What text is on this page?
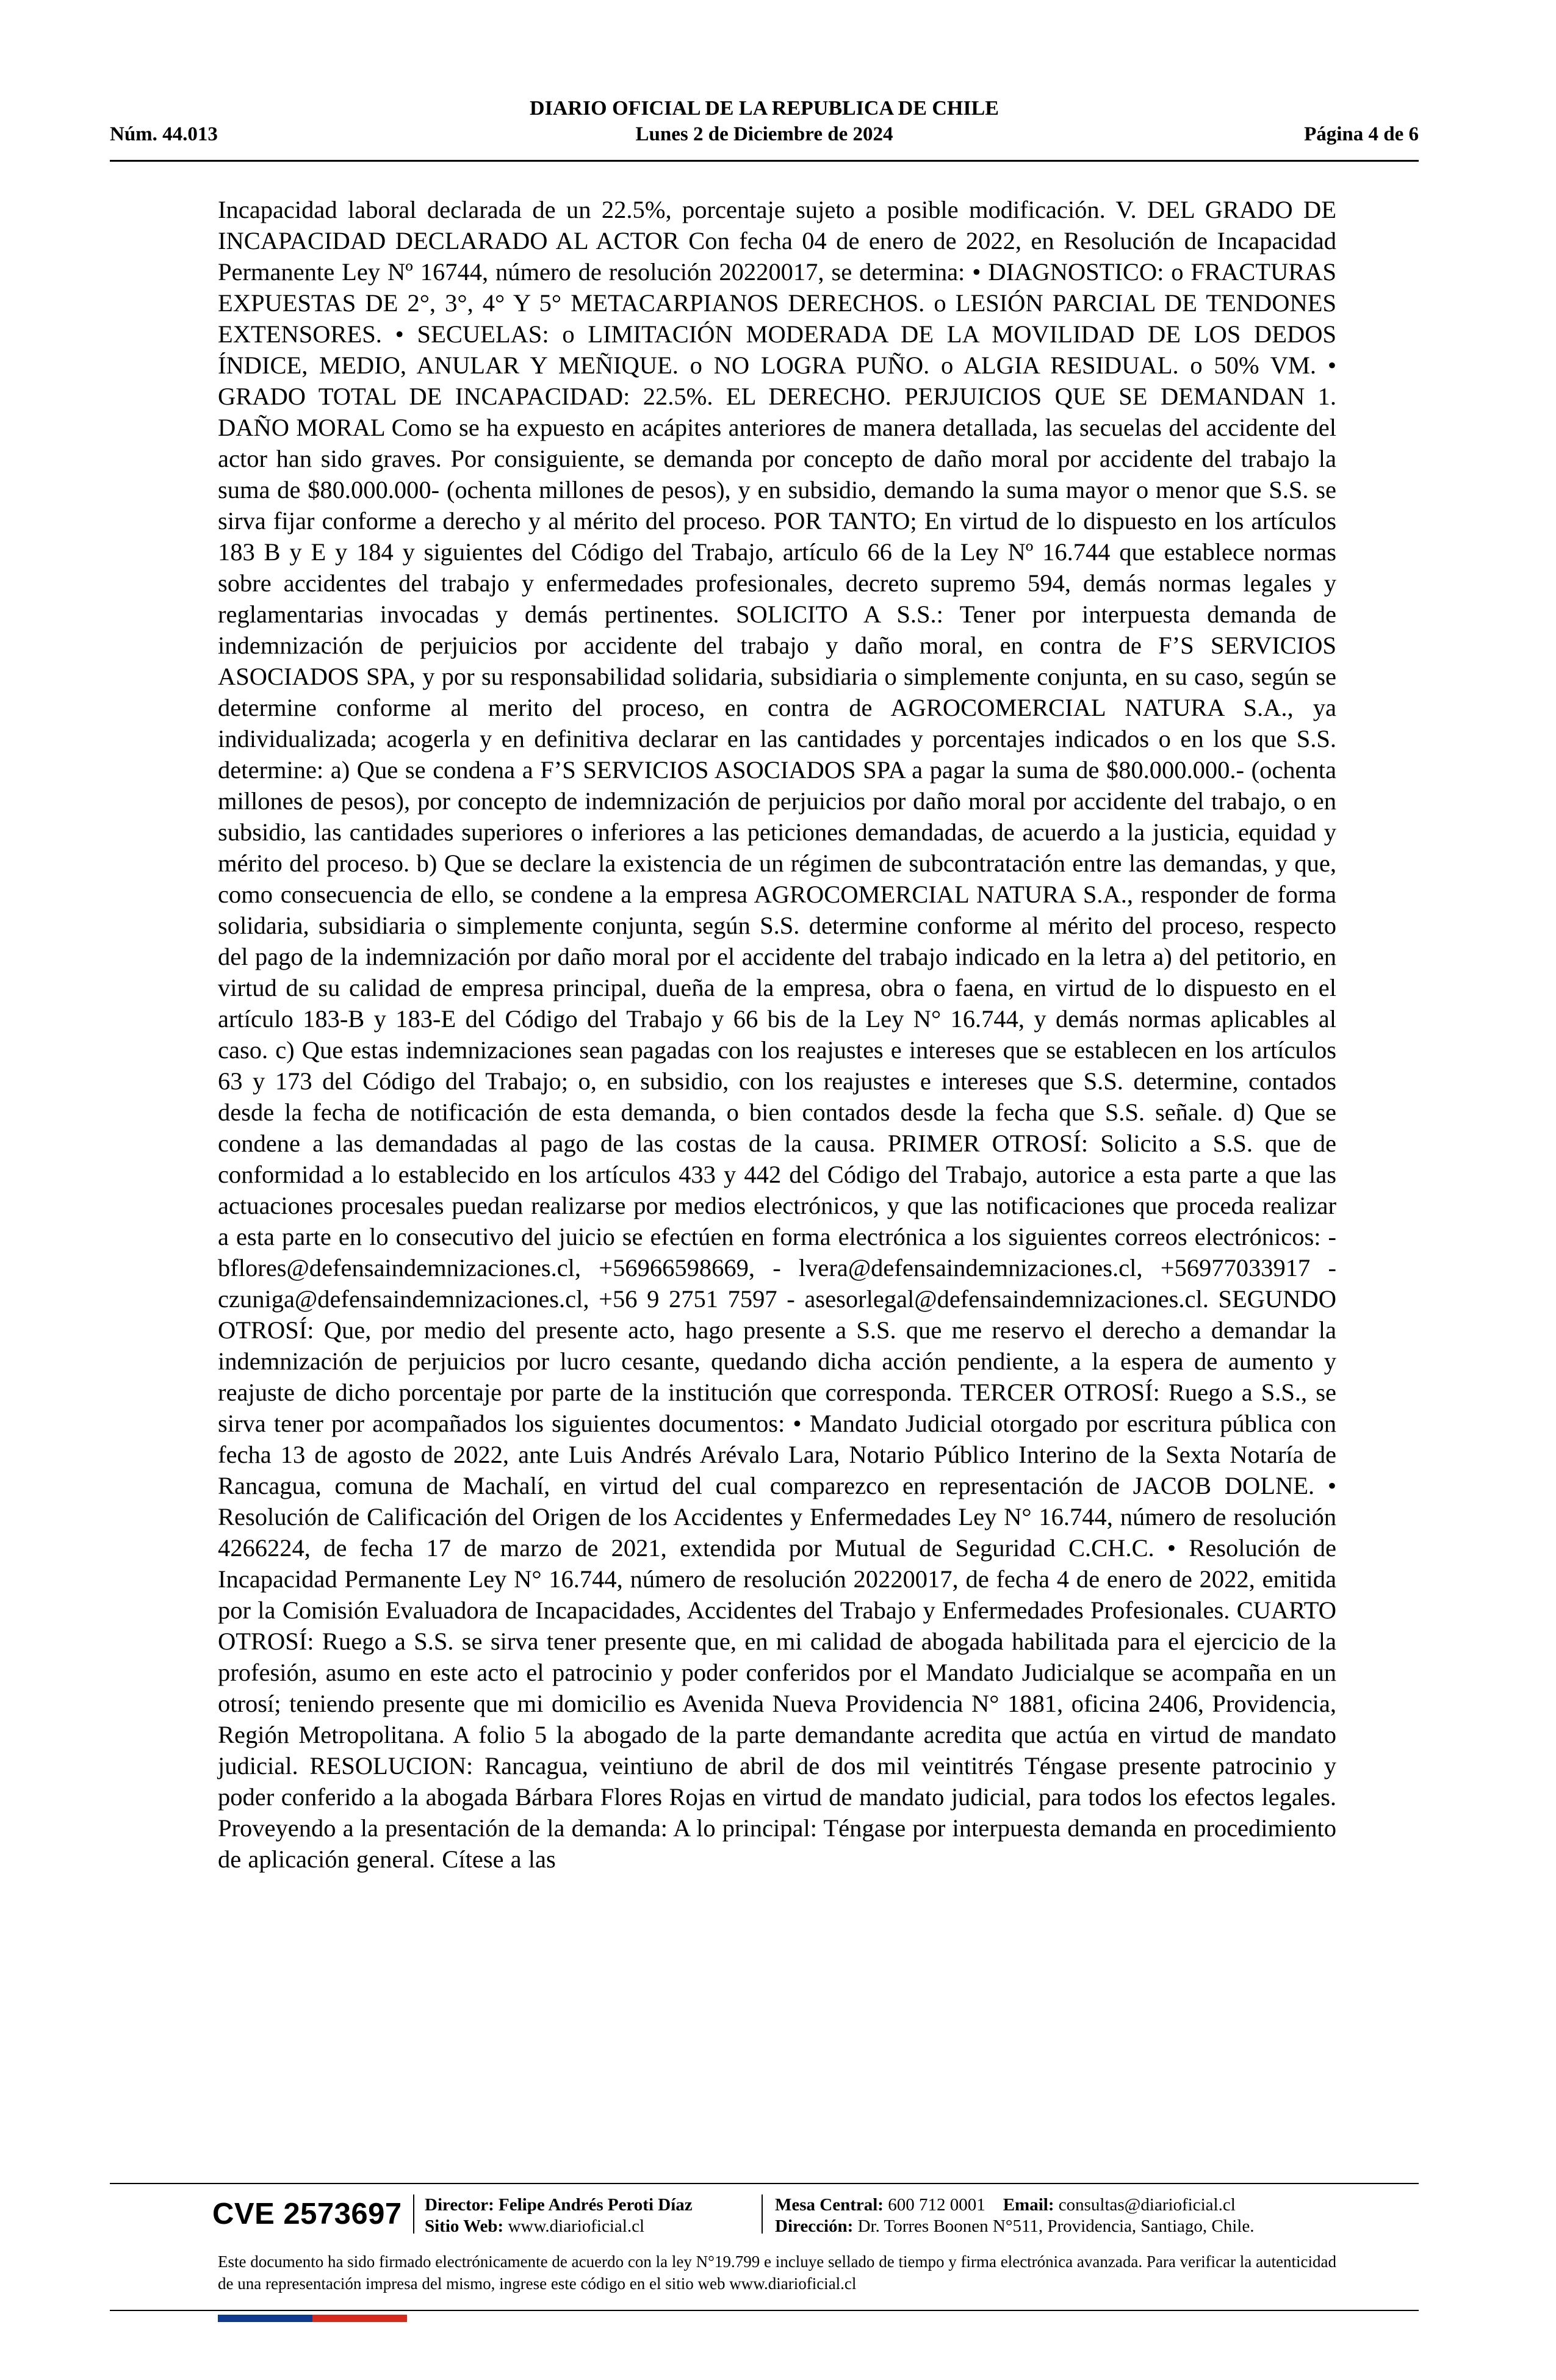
DIARIO OFICIAL DE LA REPUBLICA DE CHILE
Núm. 44.013	Lunes 2 de Diciembre de 2024	Página 4 de 6
Incapacidad laboral declarada de un 22.5%, porcentaje sujeto a posible modificación. V. DEL GRADO DE INCAPACIDAD DECLARADO AL ACTOR Con fecha 04 de enero de 2022, en Resolución de Incapacidad Permanente Ley Nº 16744, número de resolución 20220017, se determina: • DIAGNOSTICO: o FRACTURAS EXPUESTAS DE 2°, 3°, 4° Y 5° METACARPIANOS DERECHOS. o LESIÓN PARCIAL DE TENDONES EXTENSORES. • SECUELAS: o LIMITACIÓN MODERADA DE LA MOVILIDAD DE LOS DEDOS ÍNDICE, MEDIO, ANULAR Y MEÑIQUE. o NO LOGRA PUÑO. o ALGIA RESIDUAL. o 50% VM. • GRADO TOTAL DE INCAPACIDAD: 22.5%. EL DERECHO. PERJUICIOS QUE SE DEMANDAN 1. DAÑO MORAL Como se ha expuesto en acápites anteriores de manera detallada, las secuelas del accidente del actor han sido graves. Por consiguiente, se demanda por concepto de daño moral por accidente del trabajo la suma de $80.000.000- (ochenta millones de pesos), y en subsidio, demando la suma mayor o menor que S.S. se sirva fijar conforme a derecho y al mérito del proceso. POR TANTO; En virtud de lo dispuesto en los artículos 183 B y E y 184 y siguientes del Código del Trabajo, artículo 66 de la Ley Nº 16.744 que establece normas sobre accidentes del trabajo y enfermedades profesionales, decreto supremo 594, demás normas legales y reglamentarias invocadas y demás pertinentes. SOLICITO A S.S.: Tener por interpuesta demanda de indemnización de perjuicios por accidente del trabajo y daño moral, en contra de F’S SERVICIOS ASOCIADOS SPA, y por su responsabilidad solidaria, subsidiaria o simplemente conjunta, en su caso, según se determine conforme al merito del proceso, en contra de AGROCOMERCIAL NATURA S.A., ya individualizada; acogerla y en definitiva declarar en las cantidades y porcentajes indicados o en los que S.S. determine: a) Que se condena a F’S SERVICIOS ASOCIADOS SPA a pagar la suma de $80.000.000.- (ochenta millones de pesos), por concepto de indemnización de perjuicios por daño moral por accidente del trabajo, o en subsidio, las cantidades superiores o inferiores a las peticiones demandadas, de acuerdo a la justicia, equidad y mérito del proceso. b) Que se declare la existencia de un régimen de subcontratación entre las demandas, y que, como consecuencia de ello, se condene a la empresa AGROCOMERCIAL NATURA S.A., responder de forma solidaria, subsidiaria o simplemente conjunta, según S.S. determine conforme al mérito del proceso, respecto del pago de la indemnización por daño moral por el accidente del trabajo indicado en la letra a) del petitorio, en virtud de su calidad de empresa principal, dueña de la empresa, obra o faena, en virtud de lo dispuesto en el artículo 183-B y 183-E del Código del Trabajo y 66 bis de la Ley N° 16.744, y demás normas aplicables al caso. c) Que estas indemnizaciones sean pagadas con los reajustes e intereses que se establecen en los artículos 63 y 173 del Código del Trabajo; o, en subsidio, con los reajustes e intereses que S.S. determine, contados desde la fecha de notificación de esta demanda, o bien contados desde la fecha que S.S. señale. d) Que se condene a las demandadas al pago de las costas de la causa. PRIMER OTROSÍ: Solicito a S.S. que de conformidad a lo establecido en los artículos 433 y 442 del Código del Trabajo, autorice a esta parte a que las actuaciones procesales puedan realizarse por medios electrónicos, y que las notificaciones que proceda realizar a esta parte en lo consecutivo del juicio se efectúen en forma electrónica a los siguientes correos electrónicos: - bflores@defensaindemnizaciones.cl, +56966598669, - lvera@defensaindemnizaciones.cl, +56977033917 - czuniga@defensaindemnizaciones.cl, +56 9 2751 7597 - asesorlegal@defensaindemnizaciones.cl. SEGUNDO OTROSÍ: Que, por medio del presente acto, hago presente a S.S. que me reservo el derecho a demandar la indemnización de perjuicios por lucro cesante, quedando dicha acción pendiente, a la espera de aumento y reajuste de dicho porcentaje por parte de la institución que corresponda. TERCER OTROSÍ: Ruego a S.S., se sirva tener por acompañados los siguientes documentos: • Mandato Judicial otorgado por escritura pública con fecha 13 de agosto de 2022, ante Luis Andrés Arévalo Lara, Notario Público Interino de la Sexta Notaría de Rancagua, comuna de Machalí, en virtud del cual comparezco en representación de JACOB DOLNE. • Resolución de Calificación del Origen de los Accidentes y Enfermedades Ley N° 16.744, número de resolución 4266224, de fecha 17 de marzo de 2021, extendida por Mutual de Seguridad C.CH.C. • Resolución de Incapacidad Permanente Ley N° 16.744, número de resolución 20220017, de fecha 4 de enero de 2022, emitida por la Comisión Evaluadora de Incapacidades, Accidentes del Trabajo y Enfermedades Profesionales. CUARTO OTROSÍ: Ruego a S.S. se sirva tener presente que, en mi calidad de abogada habilitada para el ejercicio de la profesión, asumo en este acto el patrocinio y poder conferidos por el Mandato Judicialque se acompaña en un otrosí; teniendo presente que mi domicilio es Avenida Nueva Providencia N° 1881, oficina 2406, Providencia, Región Metropolitana. A folio 5 la abogado de la parte demandante acredita que actúa en virtud de mandato judicial. RESOLUCION: Rancagua, veintiuno de abril de dos mil veintitrés Téngase presente patrocinio y poder conferido a la abogada Bárbara Flores Rojas en virtud de mandato judicial, para todos los efectos legales. Proveyendo a la presentación de la demanda: A lo principal: Téngase por interpuesta demanda en procedimiento de aplicación general. Cítese a las
CVE 2573697 Director: Felipe Andrés Peroti Díaz
Sitio Web: www.diarioficial.cl
Mesa Central: 600 712 0001 Email: consultas@diarioficial.cl
Dirección: Dr. Torres Boonen N°511, Providencia, Santiago, Chile.
Este documento ha sido firmado electrónicamente de acuerdo con la ley N°19.799 e incluye sellado de tiempo y firma electrónica avanzada. Para verificar la autenticidad de una representación impresa del mismo, ingrese este código en el sitio web www.diarioficial.cl
